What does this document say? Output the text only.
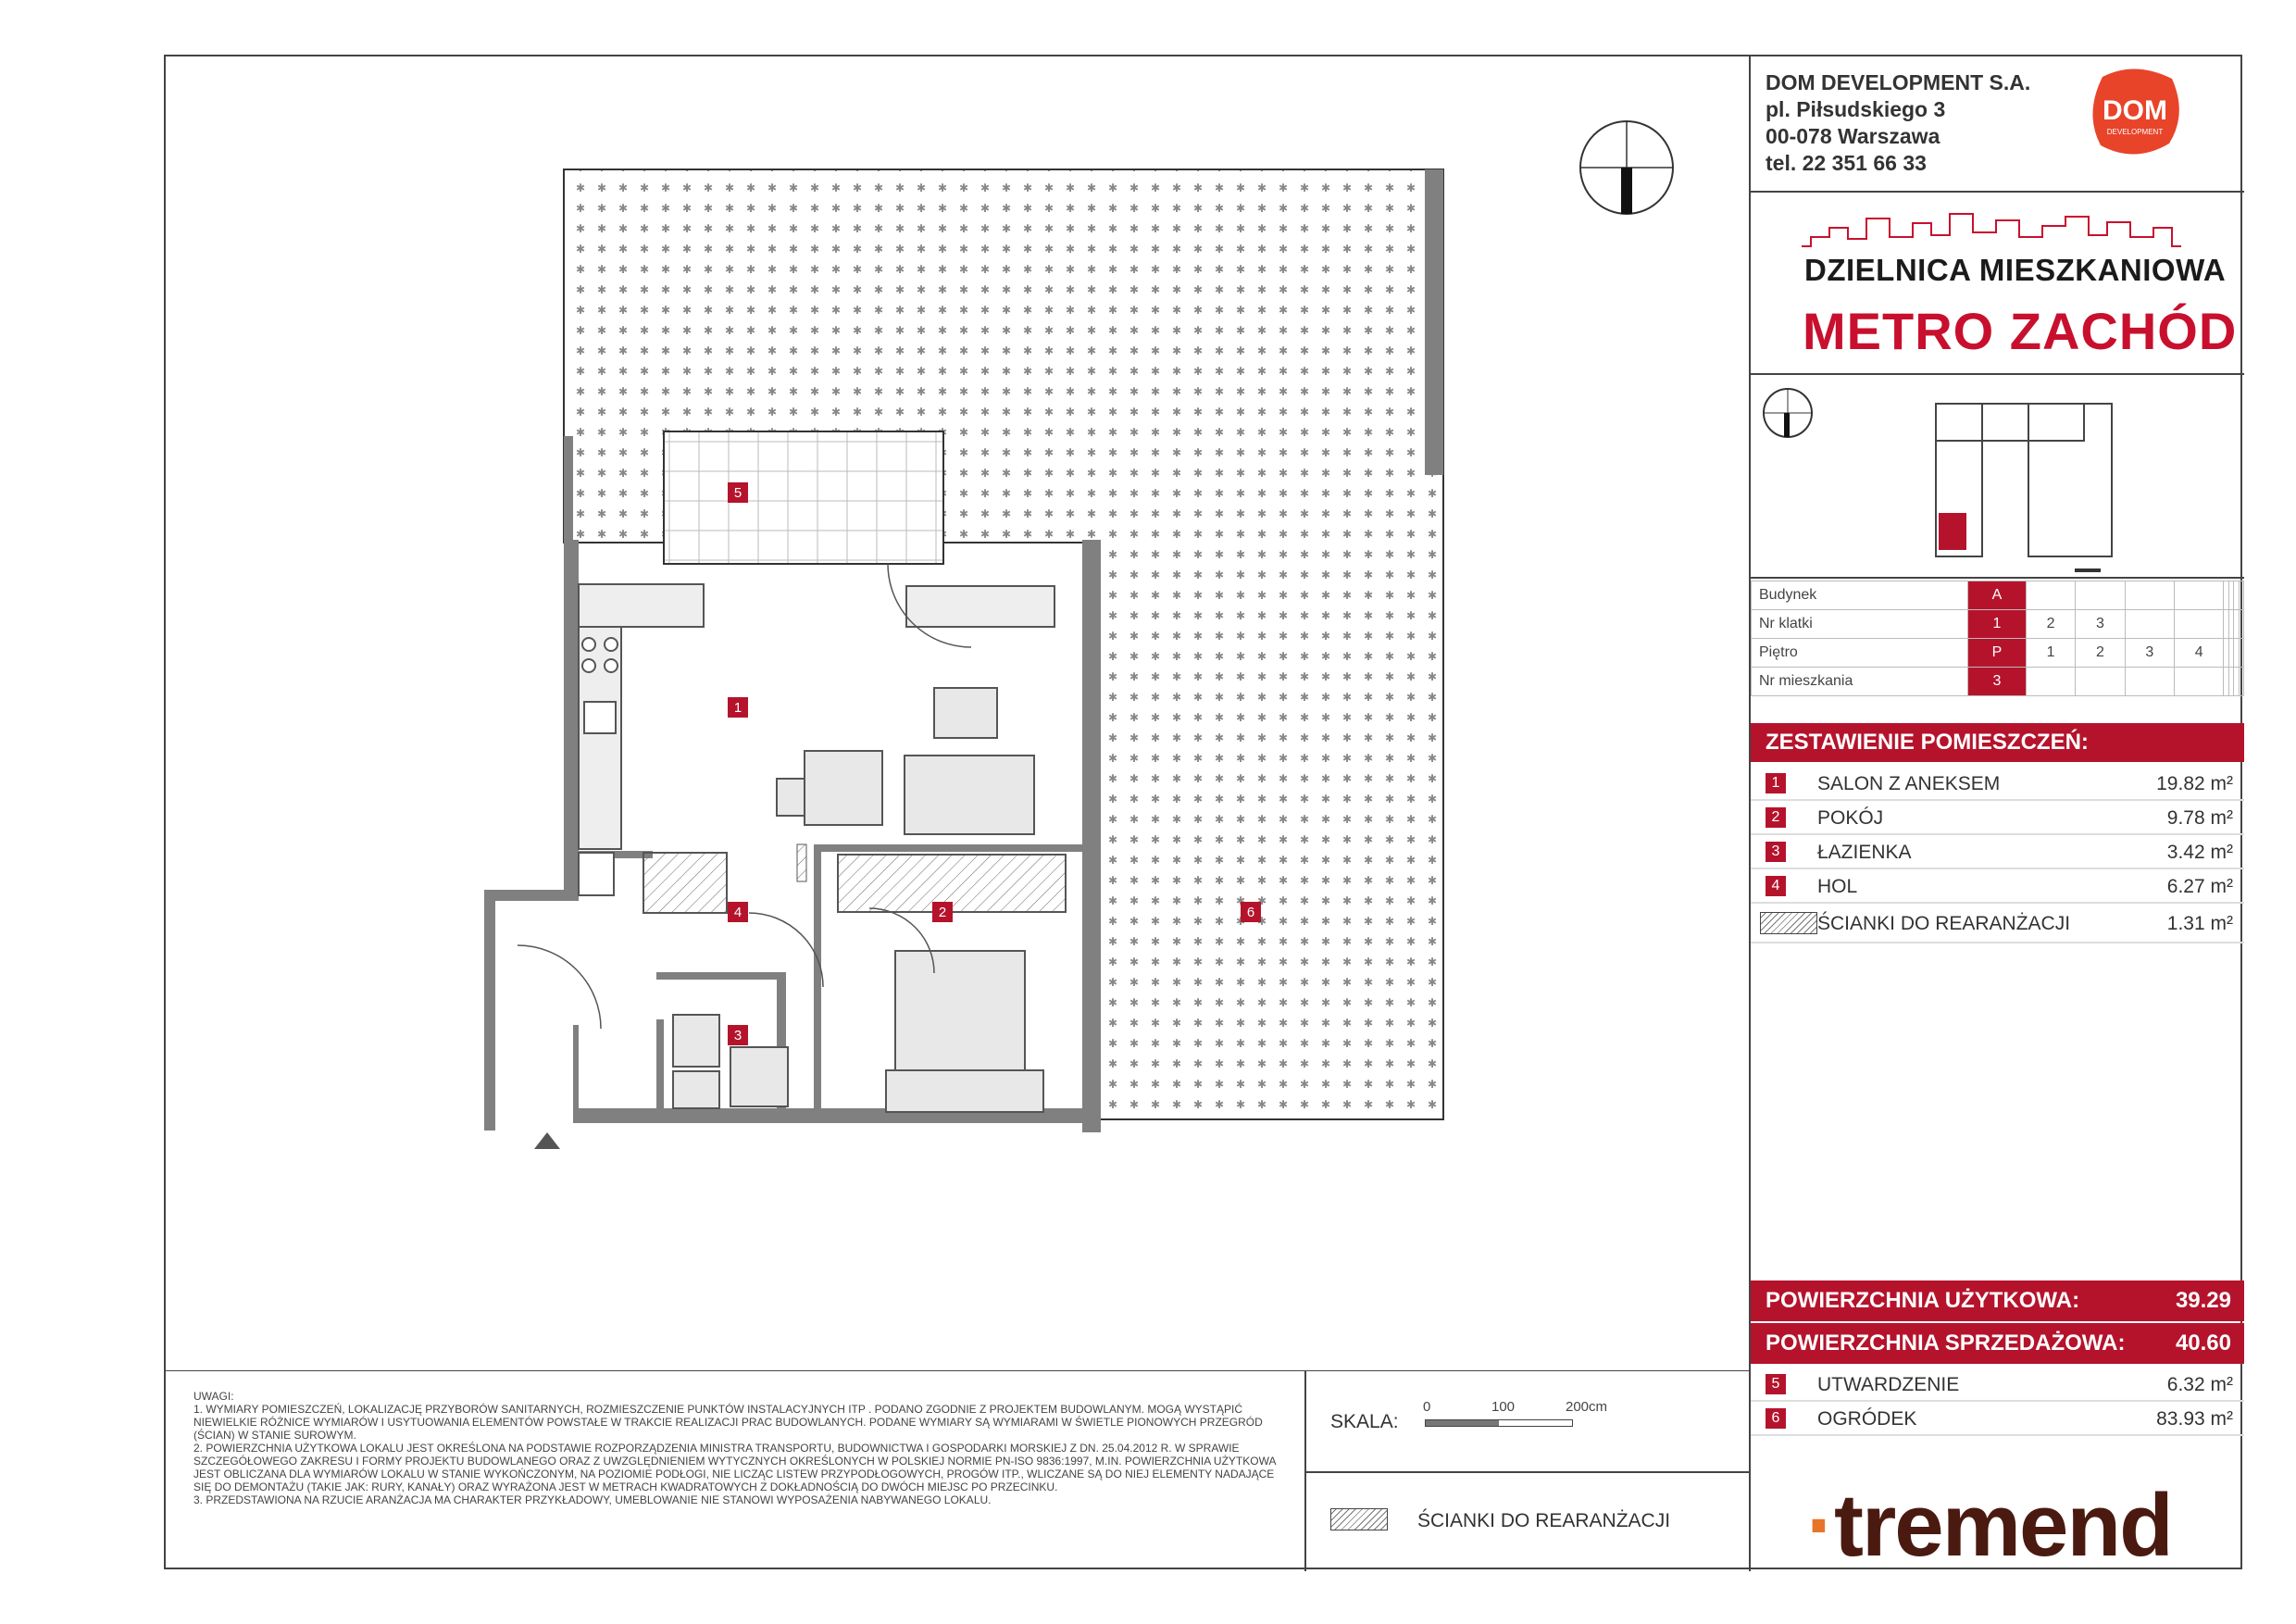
5
1
2
3
4	6
UWAGI:
1. WYMIARY POMIESZCZEŃ, LOKALIZACJĘ PRZYBORÓW SANITARNYCH, ROZMIESZCZENIE PUNKTÓW INSTALACYJNYCH ITP . PODANO ZGODNIE Z PROJEKTEM BUDOWLANYM. MOGĄ WYSTĄPIĆ NIEWIELKIE RÓŻNICE WYMIARÓW I USYTUOWANIA ELEMENTÓW POWSTAŁE W TRAKCIE REALIZACJI PRAC BUDOWLANYCH. PODANE WYMIARY SĄ WYMIARAMI W ŚWIETLE PIONOWYCH PRZEGRÓD (ŚCIAN) W STANIE SUROWYM.
2. POWIERZCHNIA UŻYTKOWA LOKALU JEST OKREŚLONA NA PODSTAWIE ROZPORZĄDZENIA MINISTRA TRANSPORTU, BUDOWNICTWA I GOSPODARKI MORSKIEJ Z DN. 25.04.2012 R. W SPRAWIE SZCZEGÓŁOWEGO ZAKRESU I FORMY PROJEKTU BUDOWLANEGO ORAZ Z UWZGLĘDNIENIEM WYTYCZNYCH OKREŚLONYCH W POLSKIEJ NORMIE PN-ISO 9836:1997, M.IN. POWIERZCHNIA UŻYTKOWA JEST OBLICZANA DLA WYMIARÓW LOKALU W STANIE WYKOŃCZONYM, NA POZIOMIE PODŁOGI, NIE LICZĄC LISTEW PRZYPODŁOGOWYCH, PROGÓW ITP., WLICZANE SĄ DO NIEJ ELEMENTY NADAJĄCE SIĘ DO DEMONTAŻU (TAKIE JAK: RURY, KANAŁY) ORAZ WYRAŻONA JEST W METRACH KWADRATOWYCH Z DOKŁADNOŚCIĄ DO DWÓCH MIEJSC PO PRZECINKU.
3. PRZEDSTAWIONA NA RZUCIE ARANŻACJA MA CHARAKTER PRZYKŁADOWY, UMEBLOWANIE NIE STANOWI WYPOSAŻENIA NABYWANEGO LOKALU.
SKALA:
0	100	200cm
ŚCIANKI DO REARANŻACJI
DOM DEVELOPMENT S.A.
pl. Piłsudskiego 3
00-078 Warszawa
tel. 22 351 66 33
DOM
DEVELOPMENT
DZIELNICA MIESZKANIOWA
METRO ZACHÓD
Budynek	A								
Nr klatki	1	2	3						
Piętro	P	1	2	3	4				
Nr mieszkania	3								
ZESTAWIENIE POMIESZCZEŃ:
1	SALON Z ANEKSEM	19.82 m²
2	POKÓJ	9.78 m²
3	ŁAZIENKA	3.42 m²
4	HOL	6.27 m²
ŚCIANKI DO REARANŻACJI	1.31 m²
POWIERZCHNIA UŻYTKOWA:	39.29
POWIERZCHNIA SPRZEDAŻOWA: 40.60
5	UTWARDZENIE	6.32 m²
6	OGRÓDEK	83.93 m²
·tremend
